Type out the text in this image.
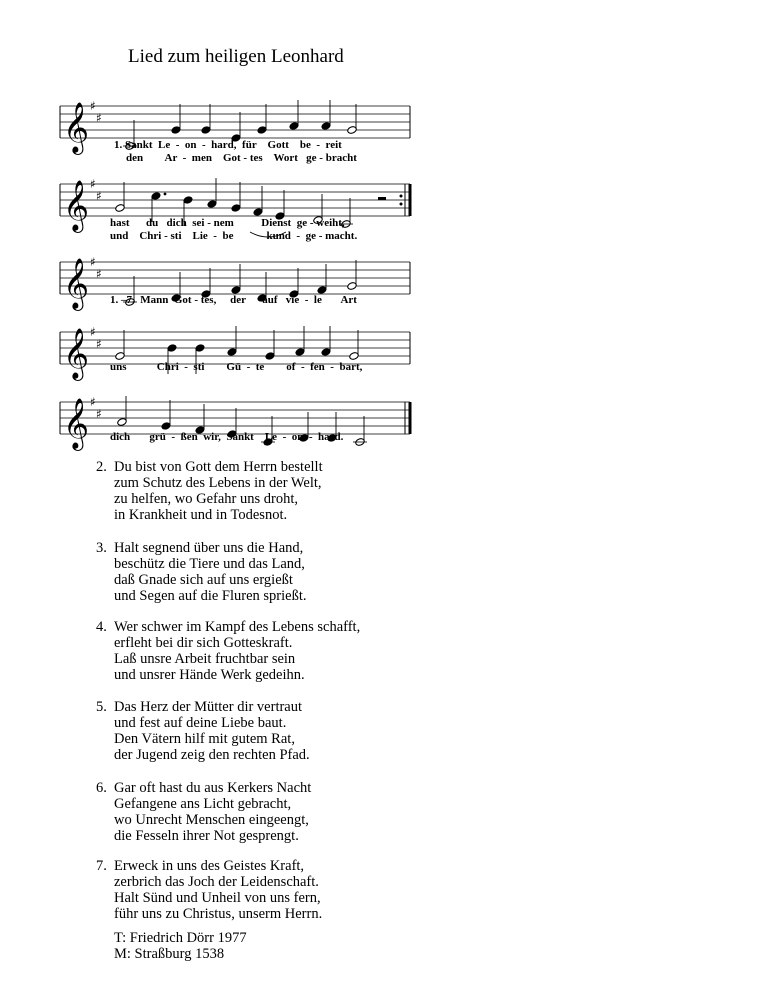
Lied zum heiligen Leonhard
𝄞 ♯
♯
1. Sankt  Le  -  on  -  hard,  für    Gott    be  -  reit
den        Ar  -  men    Got - tes    Wort   ge - bracht
𝄞 ♯
♯
hast      du   dich  sei - nem          Dienst  ge - weiht,
und    Chri - sti    Lie  -  be            kund  -  ge - macht.
𝄞 ♯
♯
1. –7.  Mann  Got - tes,     der      auf   vie  -  le       Art
𝄞 ♯
♯
uns           Chri  -  sti        Gü  -  te        of  -  fen  -  bart,
𝄞 ♯
♯
dich       grü  -  ßen  wir,  Sankt    Le  -  on  -  hard.
2. Du bist von Gott dem Herrn bestellt
zum Schutz des Lebens in der Welt,
zu helfen, wo Gefahr uns droht,
in Krankheit und in Todesnot.
3. Halt segnend über uns die Hand,
beschütz die Tiere und das Land,
daß Gnade sich auf uns ergießt
und Segen auf die Fluren sprießt.
4. Wer schwer im Kampf des Lebens schafft,
erfleht bei dir sich Gotteskraft.
Laß unsre Arbeit fruchtbar sein
und unsrer Hände Werk gedeihn.
5. Das Herz der Mütter dir vertraut
und fest auf deine Liebe baut.
Den Vätern hilf mit gutem Rat,
der Jugend zeig den rechten Pfad.
6. Gar oft hast du aus Kerkers Nacht
Gefangene ans Licht gebracht,
wo Unrecht Menschen eingeengt,
die Fesseln ihrer Not gesprengt.
7. Erweck in uns des Geistes Kraft,
zerbrich das Joch der Leidenschaft.
Halt Sünd und Unheil von uns fern,
führ uns zu Christus, unserm Herrn.
T: Friedrich Dörr 1977
M: Straßburg 1538
